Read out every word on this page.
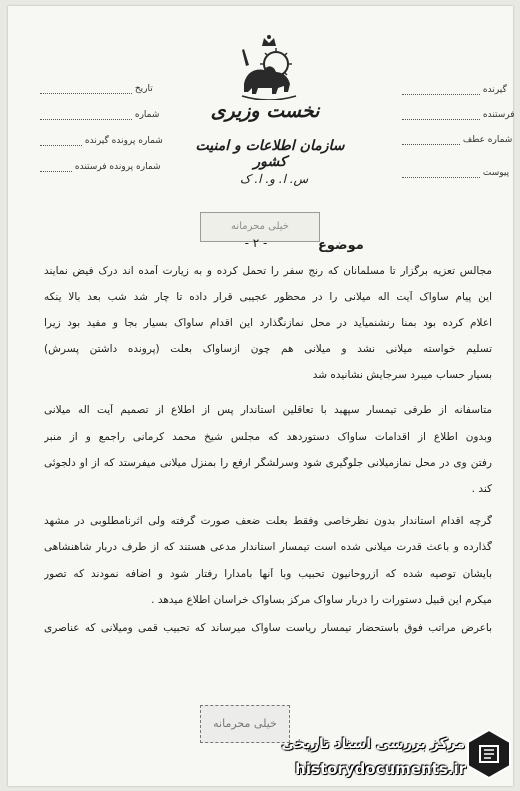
نخست وزیری
سازمان اطلاعات و امنیت کشور
س. ا. و. ا. ک
گیرنده
فرستنده
شماره عطف
پیوست
تاریخ
شماره
شماره پرونده گیرنده
شماره پرونده فرستنده
خیلی محرمانه
موضوع
- ۲ -
مجالس تعزیه برگزار تا مسلمانان که رنج سفر را تحمل کرده و به زیارت آمده اند درک فیض نمایند
این پیام ساواک آیت اله میلانی را در محظور عجیبی قرار داده تا چار شد شب بعد بالا ینکه
اعلام کرده بود بمنا رنشنمیآید در محل نمازنگذارد این اقدام ساواک بسیار بجا و مفید بود زیرا
تسلیم خواسته میلانی نشد و میلانی هم چون ازساواک بعلت (پرونده داشتن پسرش)
بسیار حساب میبرد سرجایش نشانیده شد
متاسفانه از طرفی تیمسار سپهبد با تعاقلین استاندار پس از اطلاع از تصمیم آیت اله میلانی
وبدون اطلاع از اقدامات ساواک دستوردهد که مجلس شیخ محمد کرمانی راجمع و از منبر
رفتن وی در محل نمازمیلانی جلوگیری شود وسرلشگر ارفع را بمنزل میلانی میفرستد که از او دلجوئی
کند .
گرچه اقدام استاندار بدون نظرخاصی وفقط بعلت ضعف صورت گرفته ولی اثرنامطلوبی در مشهد
گذارده و باعث قدرت میلانی شده است تیمسار استاندار مدعی هستند که از طرف دربار شاهنشاهی
بایشان توصیه شده که ازروحانیون تحبیب وبا آنها بامدارا رفتار شود و اضافه نمودند که تصور
میکرم این قبیل دستورات را دربار ساواک مرکز بساواک خراسان اطلاع میدهد .
باعرض مراتب فوق باستحضار تیمسار ریاست ساواک میرساند که تحبیب قمی ومیلانی که عناصری
خیلی محرمانه
مرکز بررسی اسناد تاریخی
historydocuments.ir
